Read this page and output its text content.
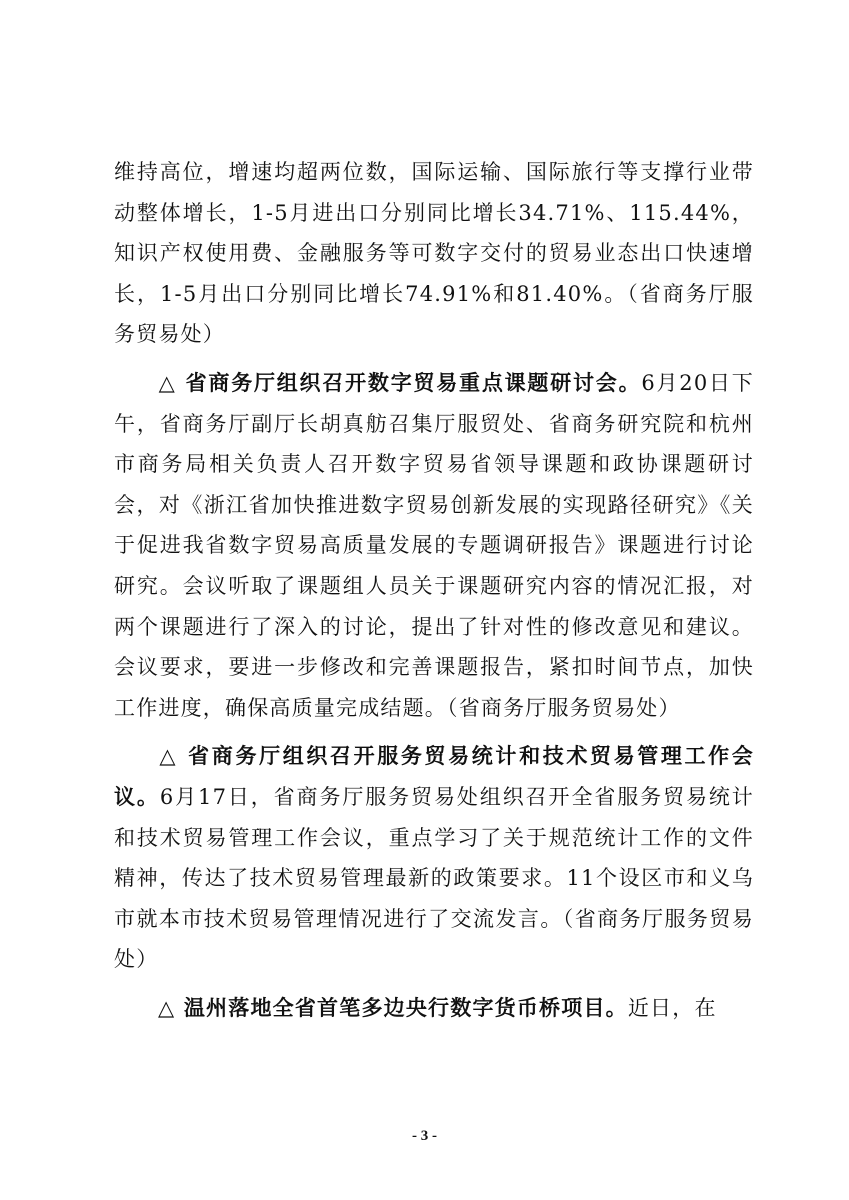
维持高位，增速均超两位数，国际运输、国际旅行等支撑行业带动整体增长，1-5月进出口分别同比增长34.71%、115.44%，知识产权使用费、金融服务等可数字交付的贸易业态出口快速增长，1-5月出口分别同比增长74.91%和81.40%。（省商务厅服务贸易处）

△ 省商务厅组织召开数字贸易重点课题研讨会。6月20日下午，省商务厅副厅长胡真舫召集厅服贸处、省商务研究院和杭州市商务局相关负责人召开数字贸易省领导课题和政协课题研讨会，对《浙江省加快推进数字贸易创新发展的实现路径研究》《关于促进我省数字贸易高质量发展的专题调研报告》课题进行讨论研究。会议听取了课题组人员关于课题研究内容的情况汇报，对两个课题进行了深入的讨论，提出了针对性的修改意见和建议。会议要求，要进一步修改和完善课题报告，紧扣时间节点，加快工作进度，确保高质量完成结题。（省商务厅服务贸易处）

△ 省商务厅组织召开服务贸易统计和技术贸易管理工作会议。6月17日，省商务厅服务贸易处组织召开全省服务贸易统计和技术贸易管理工作会议，重点学习了关于规范统计工作的文件精神，传达了技术贸易管理最新的政策要求。11个设区市和义乌市就本市技术贸易管理情况进行了交流发言。（省商务厅服务贸易处）

△ 温州落地全省首笔多边央行数字货币桥项目。近日，在

- 3 -
